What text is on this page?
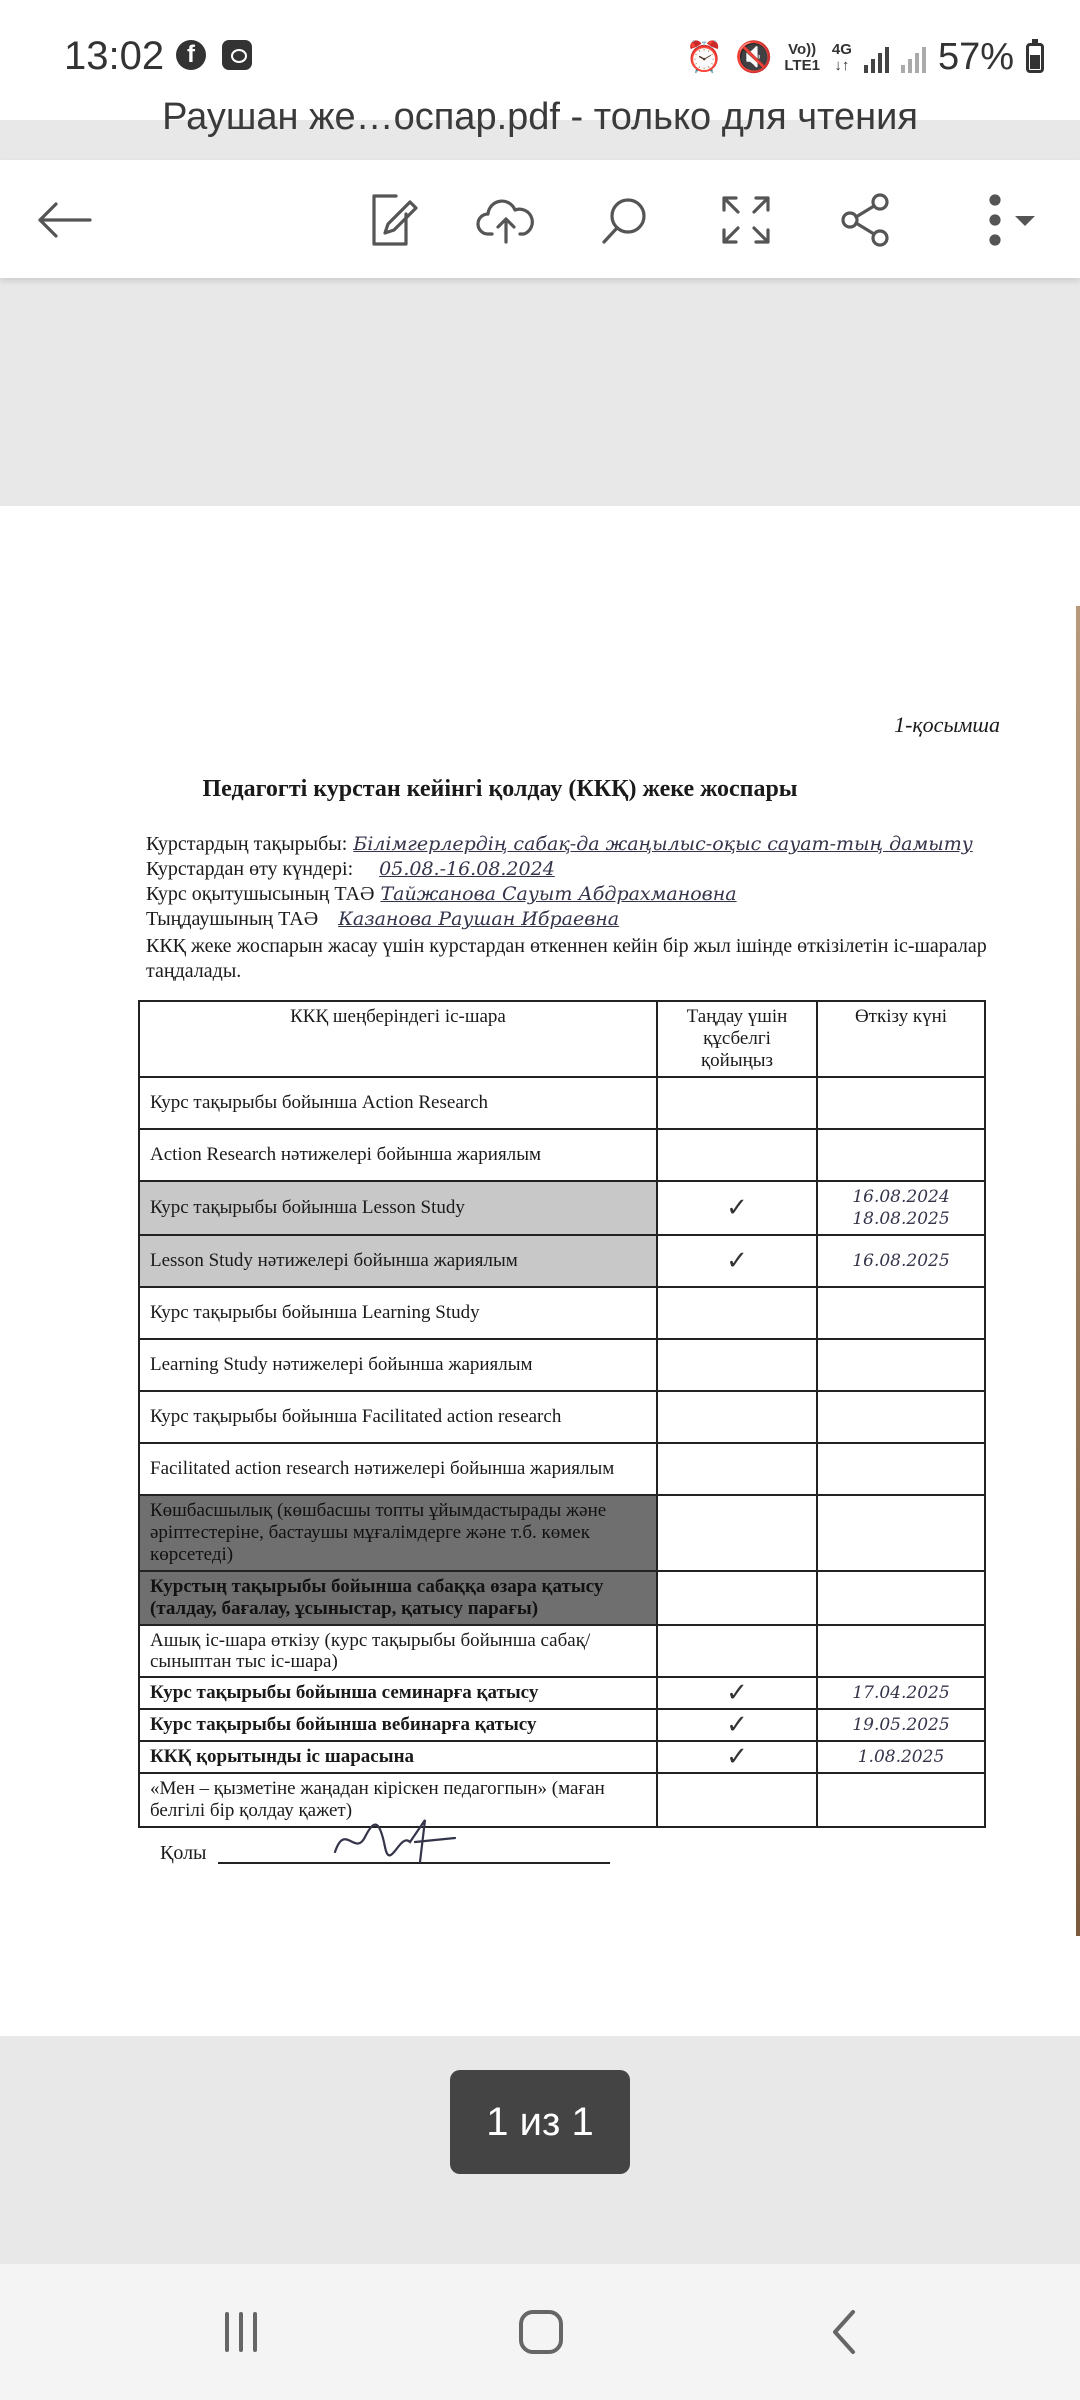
13:02 f	⏰ 🔇 Vo))
LTE1
4G
↓↑ 57%
Раушан же…оспар.pdf - только для чтения
1-қосымша
Педагогті курстан кейінгі қолдау (ККҚ) жеке жоспары
Курстардың тақырыбы: Білімгерлердің сабақ-да жаңылыс-оқыс сауат-тың дамыту
Курстардан өту күндері: 05.08.-16.08.2024
Курс оқытушысының ТАӘ Тайжанова Сауыт Абдрахмановна
Тыңдаушының ТАӘ Казанова Раушан Ибраевна
ККҚ жеке жоспарын жасау үшін курстардан өткеннен кейін бір жыл ішінде өткізілетін іс-шаралар таңдалады.
ККҚ шеңберіндегі іс-шара	Таңдау үшін құсбелгі қойыңыз	Өткізу күні
Курс тақырыбы бойынша Action Research		
Action Research нәтижелері бойынша жариялым		
Курс тақырыбы бойынша Lesson Study	✓	16.08.2024 18.08.2025
Lesson Study нәтижелері бойынша жариялым	✓	16.08.2025
Курс тақырыбы бойынша Learning Study		
Learning Study нәтижелері бойынша жариялым		
Курс тақырыбы бойынша Facilitated action research		
Facilitated action research нәтижелері бойынша жариялым		
Көшбасшылық (көшбасшы топты ұйымдастырады және әріптестеріне, бастаушы мұғалімдерге және т.б. көмек көрсетеді)		
Курстың тақырыбы бойынша сабаққа өзара қатысу (талдау, бағалау, ұсыныстар, қатысу парағы)		
Ашық іс-шара өткізу (курс тақырыбы бойынша сабақ/сыныптан тыс іс-шара)		
Курс тақырыбы бойынша семинарға қатысу	✓	17.04.2025
Курс тақырыбы бойынша вебинарға қатысу	✓	19.05.2025
ККҚ қорытынды іс шарасына	✓	1.08.2025
«Мен – қызметіне жаңадан кіріскен педагогпын» (маған белгілі бір қолдау қажет)		
Қолы
1 из 1
